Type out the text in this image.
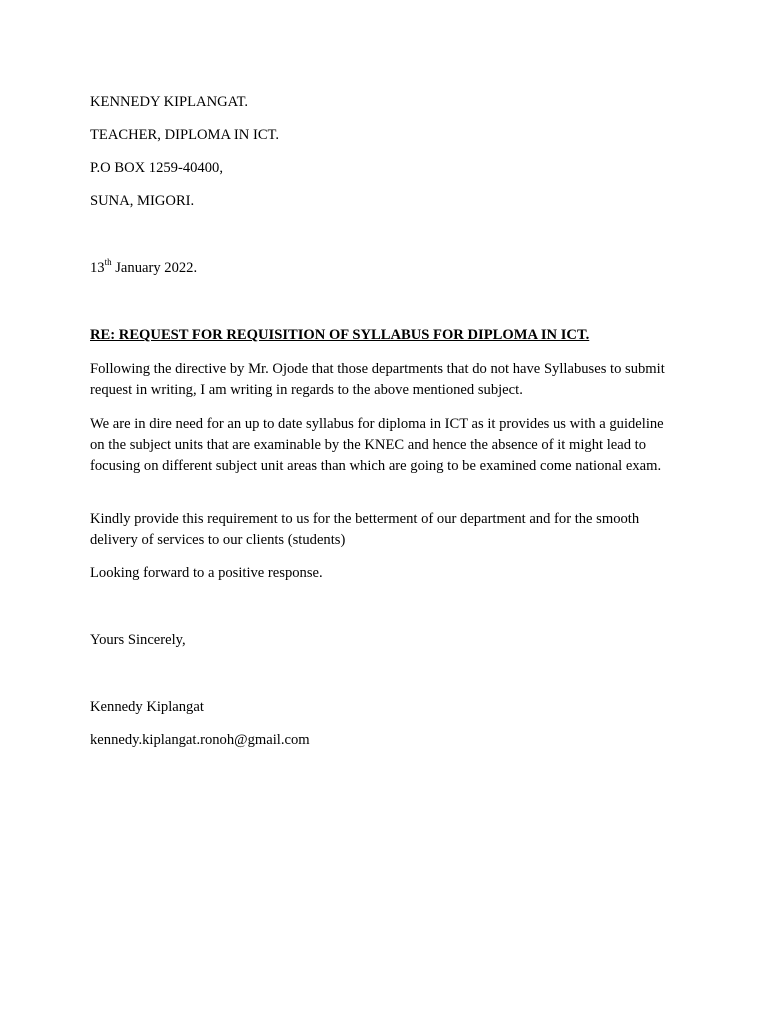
KENNEDY KIPLANGAT.
TEACHER, DIPLOMA IN ICT.
P.O BOX 1259-40400,
SUNA, MIGORI.
13th January 2022.
RE: REQUEST FOR REQUISITION OF SYLLABUS FOR DIPLOMA IN ICT.
Following the directive by Mr. Ojode that those departments that do not have Syllabuses to submit request in writing, I am writing in regards to the above mentioned subject.
We are in dire need for an up to date syllabus for diploma in ICT as it provides us with a guideline on the subject units that are examinable by the KNEC and hence the absence of it might lead to focusing on different subject unit areas than which are going to be examined come national exam.
Kindly provide this requirement to us for the betterment of our department and for the smooth delivery of services to our clients (students)
Looking forward to a positive response.
Yours Sincerely,
Kennedy Kiplangat
kennedy.kiplangat.ronoh@gmail.com
